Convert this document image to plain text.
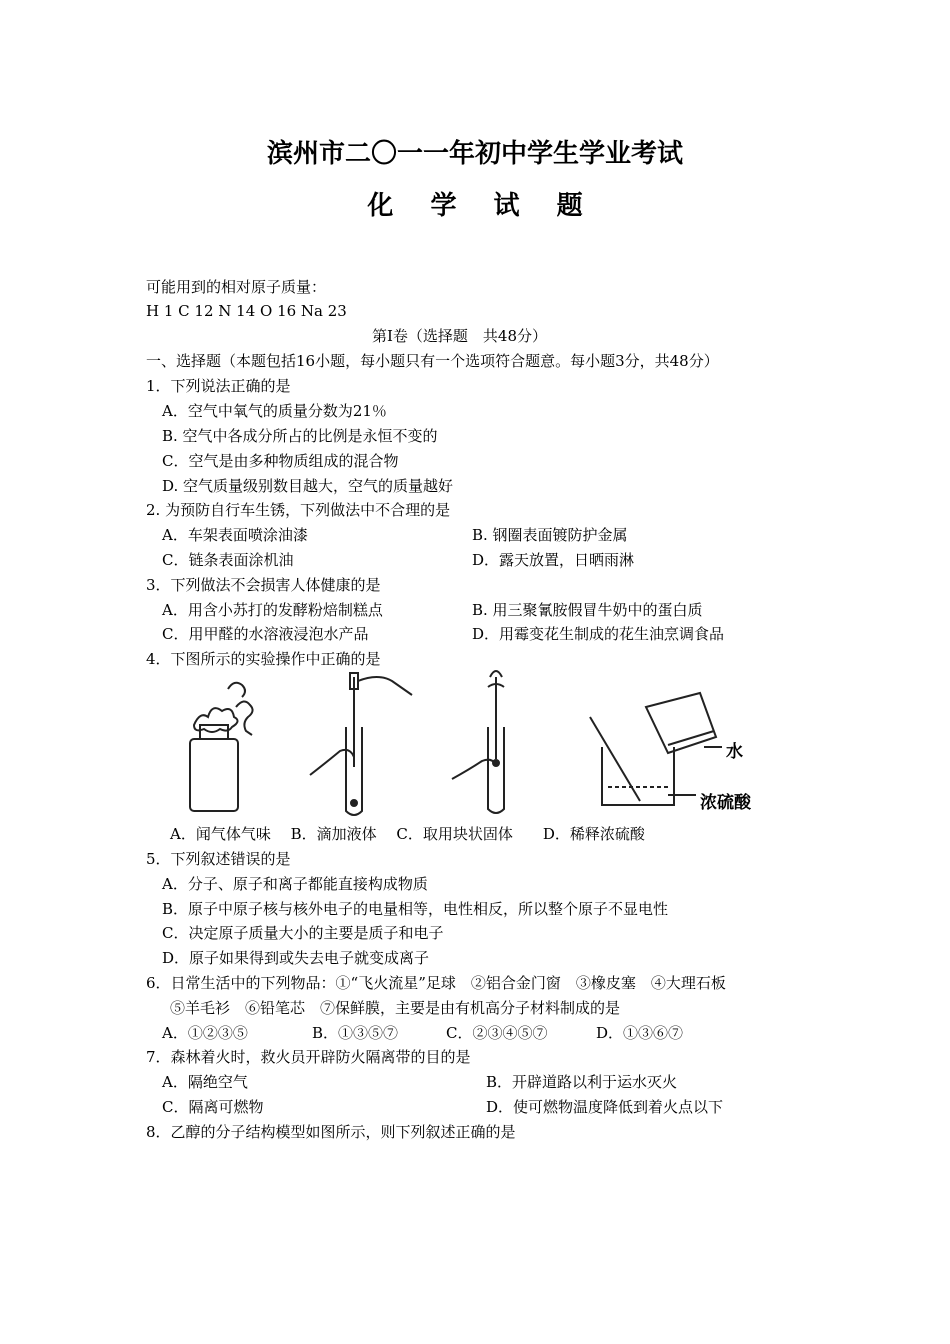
滨州市二〇一一年初中学生学业考试
化 学 试 题
可能用到的相对原子质量：
H 1 C 12 N 14 O 16 Na 23
第Ⅰ卷（选择题　共48分）
一、选择题（本题包括16小题，每小题只有一个选项符合题意。每小题3分，共48分）
1．下列说法正确的是
A．空气中氧气的质量分数为21％
B. 空气中各成分所占的比例是永恒不变的
C．空气是由多种物质组成的混合物
D. 空气质量级别数目越大，空气的质量越好
2. 为预防自行车生锈，下列做法中不合理的是
A．车架表面喷涂油漆	B. 钢圈表面镀防护金属
C．链条表面涂机油	D．露天放置，日晒雨淋
3．下列做法不会损害人体健康的是
A．用含小苏打的发酵粉焙制糕点	B. 用三聚氰胺假冒牛奶中的蛋白质
C．用甲醛的水溶液浸泡水产品	D．用霉变花生制成的花生油烹调食品
4．下图所示的实验操作中正确的是
水
浓硫酸
A．闻气体气味　 B．滴加液体　 C．取用块状固体　　D．稀释浓硫酸
5．下列叙述错误的是
A．分子、原子和离子都能直接构成物质
B．原子中原子核与核外电子的电量相等，电性相反，所以整个原子不显电性
C．决定原子质量大小的主要是质子和电子
D．原子如果得到或失去电子就变成离子
6．日常生活中的下列物品：①“飞火流星”足球　②铝合金门窗　③橡皮塞　④大理石板
⑤羊毛衫　⑥铅笔芯　⑦保鲜膜，主要是由有机高分子材料制成的是
A．①②③⑤	B．①③⑤⑦	C．②③④⑤⑦	D．①③⑥⑦
7．森林着火时，救火员开辟防火隔离带的目的是
A．隔绝空气	B．开辟道路以利于运水灭火
C．隔离可燃物	D．使可燃物温度降低到着火点以下
8．乙醇的分子结构模型如图所示，则下列叙述正确的是
